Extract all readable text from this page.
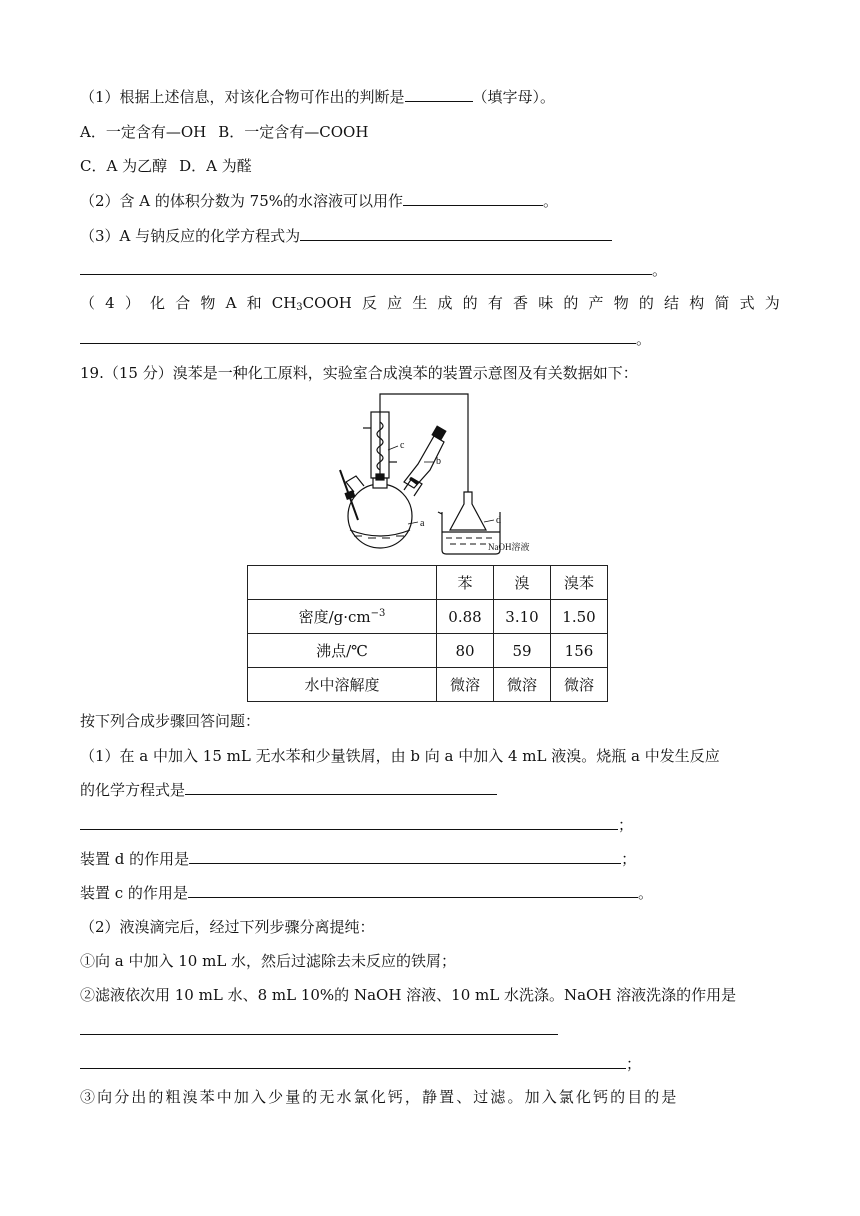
（1）根据上述信息，对该化合物可作出的判断是	（填字母）。
A．一定含有—OH B．一定含有—COOH
C．A 为乙醇 D．A 为醛
（2）含 A 的体积分数为 75%的水溶液可以用作	。
（3）A 与钠反应的化学方程式为
。
（ 4 ） 化 合 物 A 和 $CH_3COOH$ 反 应 生 成 的 有 香 味 的 产 物 的 结 构 简 式 为
。
19.（15 分）溴苯是一种化工原料，实验室合成溴苯的装置示意图及有关数据如下：
c
b
a	d
NaOH溶液
	苯	溴	溴苯
密度$/g\cdot cm^{-3}$	0.88	3.10	1.50
沸点/℃	80	59	156
水中溶解度	微溶	微溶	微溶
按下列合成步骤回答问题：
（1）在 a 中加入 15 mL 无水苯和少量铁屑，由 b 向 a 中加入 4 mL 液溴。烧瓶 a 中发生反应
的化学方程式是
；
装置 d 的作用是	；
装置 c 的作用是	。
（2）液溴滴完后，经过下列步骤分离提纯：
①向 a 中加入 10 mL 水，然后过滤除去未反应的铁屑；
②滤液依次用 10 mL 水、8 mL 10%的 NaOH 溶液、10 mL 水洗涤。NaOH 溶液洗涤的作用是
；
③向分出的粗溴苯中加入少量的无水氯化钙，静置、过滤。加入氯化钙的目的是
